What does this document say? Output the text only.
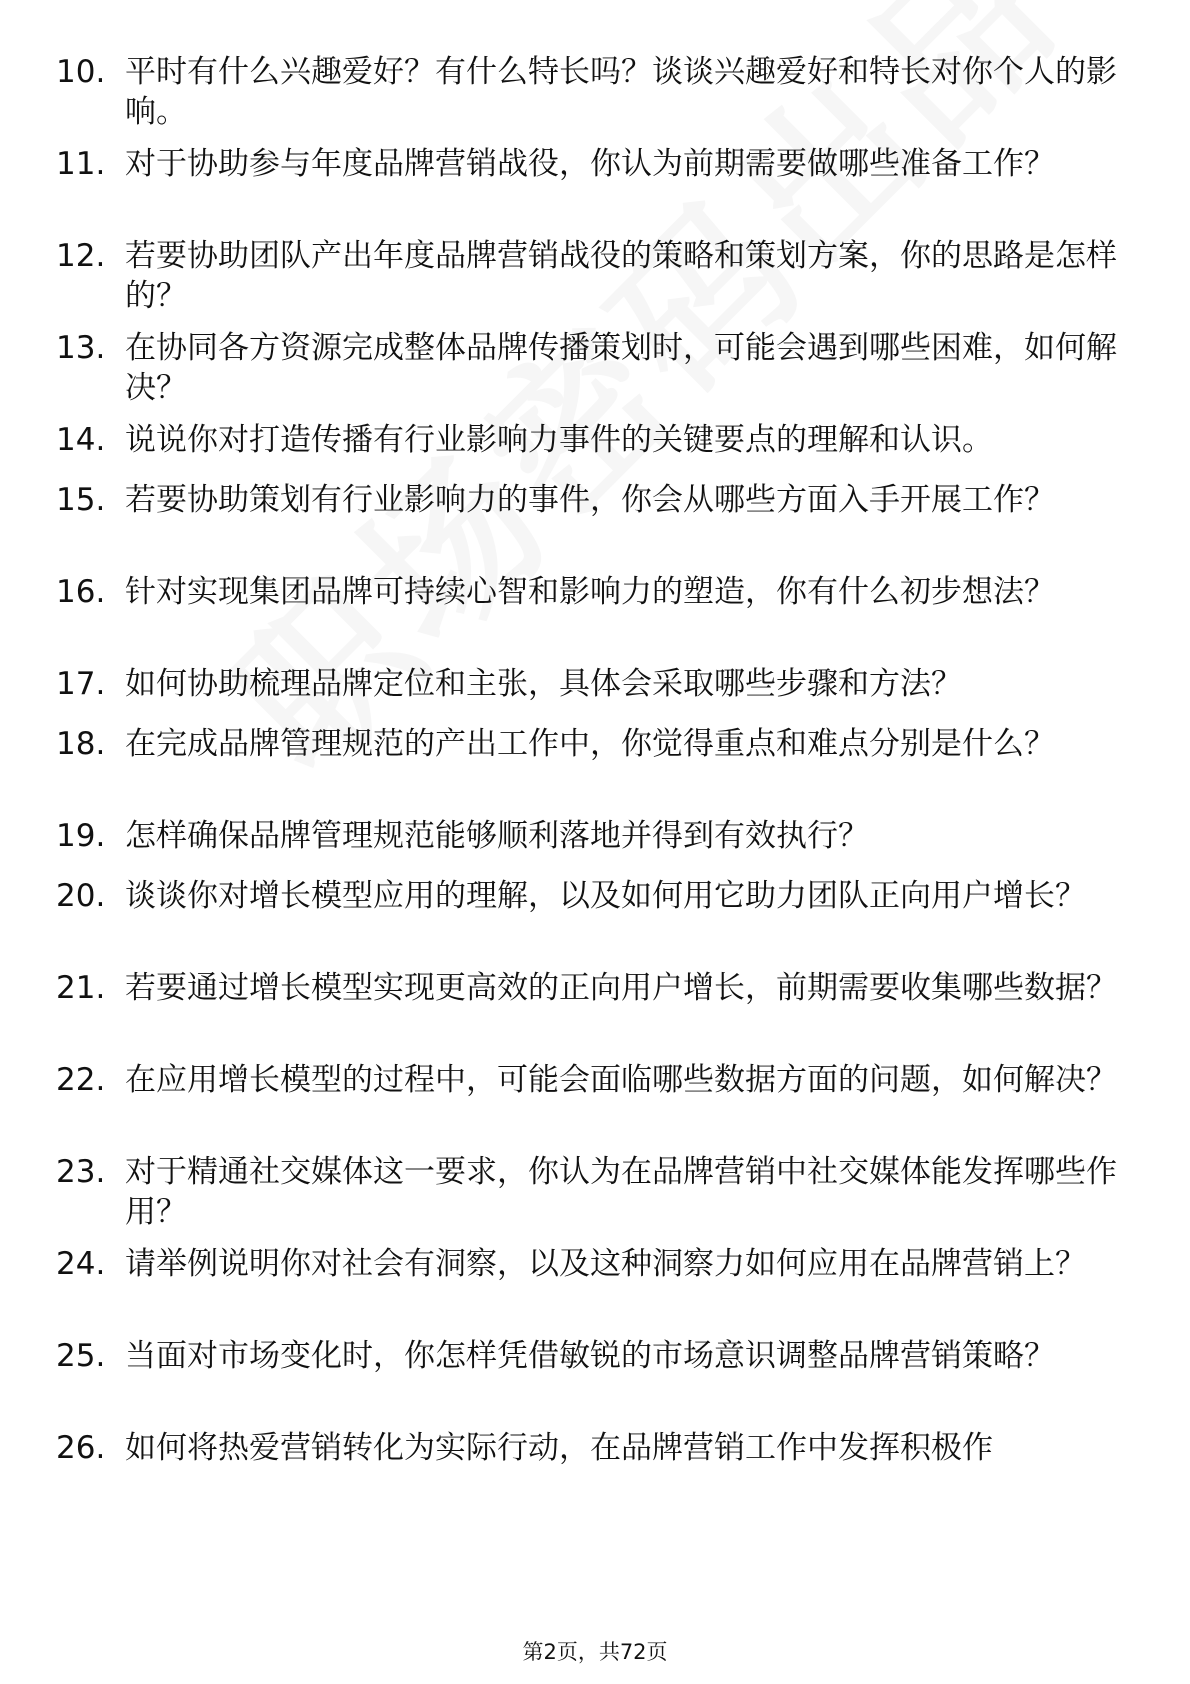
10. 平时有什么兴趣爱好？有什么特长吗？谈谈兴趣爱好和特长对你个人的影响。
11. 对于协助参与年度品牌营销战役，你认为前期需要做哪些准备工作？
12. 若要协助团队产出年度品牌营销战役的策略和策划方案，你的思路是怎样的？
13. 在协同各方资源完成整体品牌传播策划时，可能会遇到哪些困难，如何解决？
14. 说说你对打造传播有行业影响力事件的关键要点的理解和认识。
15. 若要协助策划有行业影响力的事件，你会从哪些方面入手开展工作？
16. 针对实现集团品牌可持续心智和影响力的塑造，你有什么初步想法？
17. 如何协助梳理品牌定位和主张，具体会采取哪些步骤和方法？
18. 在完成品牌管理规范的产出工作中，你觉得重点和难点分别是什么？
19. 怎样确保品牌管理规范能够顺利落地并得到有效执行？
20. 谈谈你对增长模型应用的理解，以及如何用它助力团队正向用户增长？
21. 若要通过增长模型实现更高效的正向用户增长，前期需要收集哪些数据？
22. 在应用增长模型的过程中，可能会面临哪些数据方面的问题，如何解决？
23. 对于精通社交媒体这一要求，你认为在品牌营销中社交媒体能发挥哪些作用？
24. 请举例说明你对社会有洞察，以及这种洞察力如何应用在品牌营销上？
25. 当面对市场变化时，你怎样凭借敏锐的市场意识调整品牌营销策略？
26. 如何将热爱营销转化为实际行动，在品牌营销工作中发挥积极作
第2页，共72页
